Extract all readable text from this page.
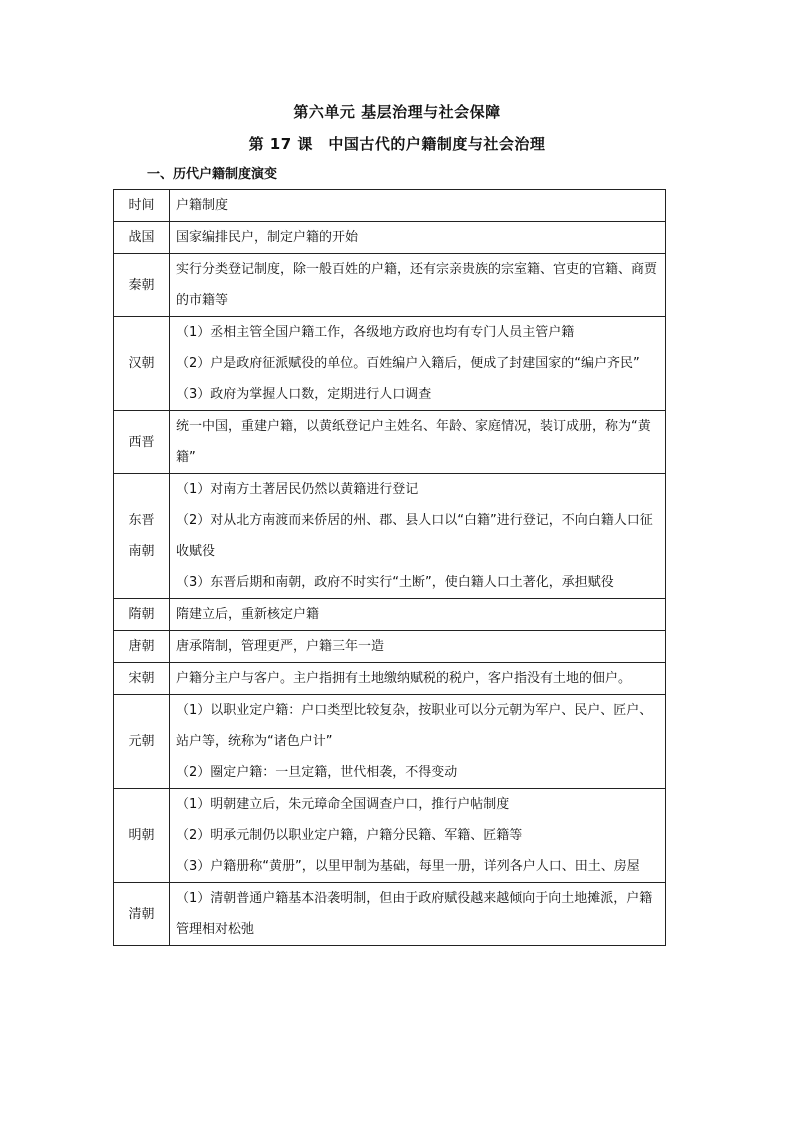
第六单元 基层治理与社会保障
第 17 课　中国古代的户籍制度与社会治理
一、历代户籍制度演变
时间	户籍制度
战国	国家编排民户，制定户籍的开始

秦朝	实行分类登记制度，除一般百姓的户籍，还有宗亲贵族的宗室籍、官吏的官籍、商贾的市籍等

汉朝	（1）丞相主管全国户籍工作，各级地方政府也均有专门人员主管户籍
（2）户是政府征派赋役的单位。百姓编户入籍后，便成了封建国家的“编户齐民”
（3）政府为掌握人口数，定期进行人口调查

西晋	统一中国，重建户籍，以黄纸登记户主姓名、年龄、家庭情况，装订成册，称为“黄籍”

东晋
南朝	（1）对南方土著居民仍然以黄籍进行登记
（2）对从北方南渡而来侨居的州、郡、县人口以“白籍”进行登记，不向白籍人口征收赋役
（3）东晋后期和南朝，政府不时实行“土断”，使白籍人口土著化，承担赋役

隋朝	隋建立后，重新核定户籍

唐朝	唐承隋制，管理更严，户籍三年一造

宋朝	户籍分主户与客户。主户指拥有土地缴纳赋税的税户，客户指没有土地的佃户。

元朝	（1）以职业定户籍：户口类型比较复杂，按职业可以分元朝为军户、民户、匠户、站户等，统称为“诸色户计”
（2）圈定户籍：一旦定籍，世代相袭，不得变动

明朝	（1）明朝建立后，朱元璋命全国调查户口，推行户帖制度
（2）明承元制仍以职业定户籍，户籍分民籍、军籍、匠籍等
（3）户籍册称“黄册”，以里甲制为基础，每里一册，详列各户人口、田土、房屋

清朝	（1）清朝普通户籍基本沿袭明制，但由于政府赋役越来越倾向于向土地摊派，户籍管理相对松弛
